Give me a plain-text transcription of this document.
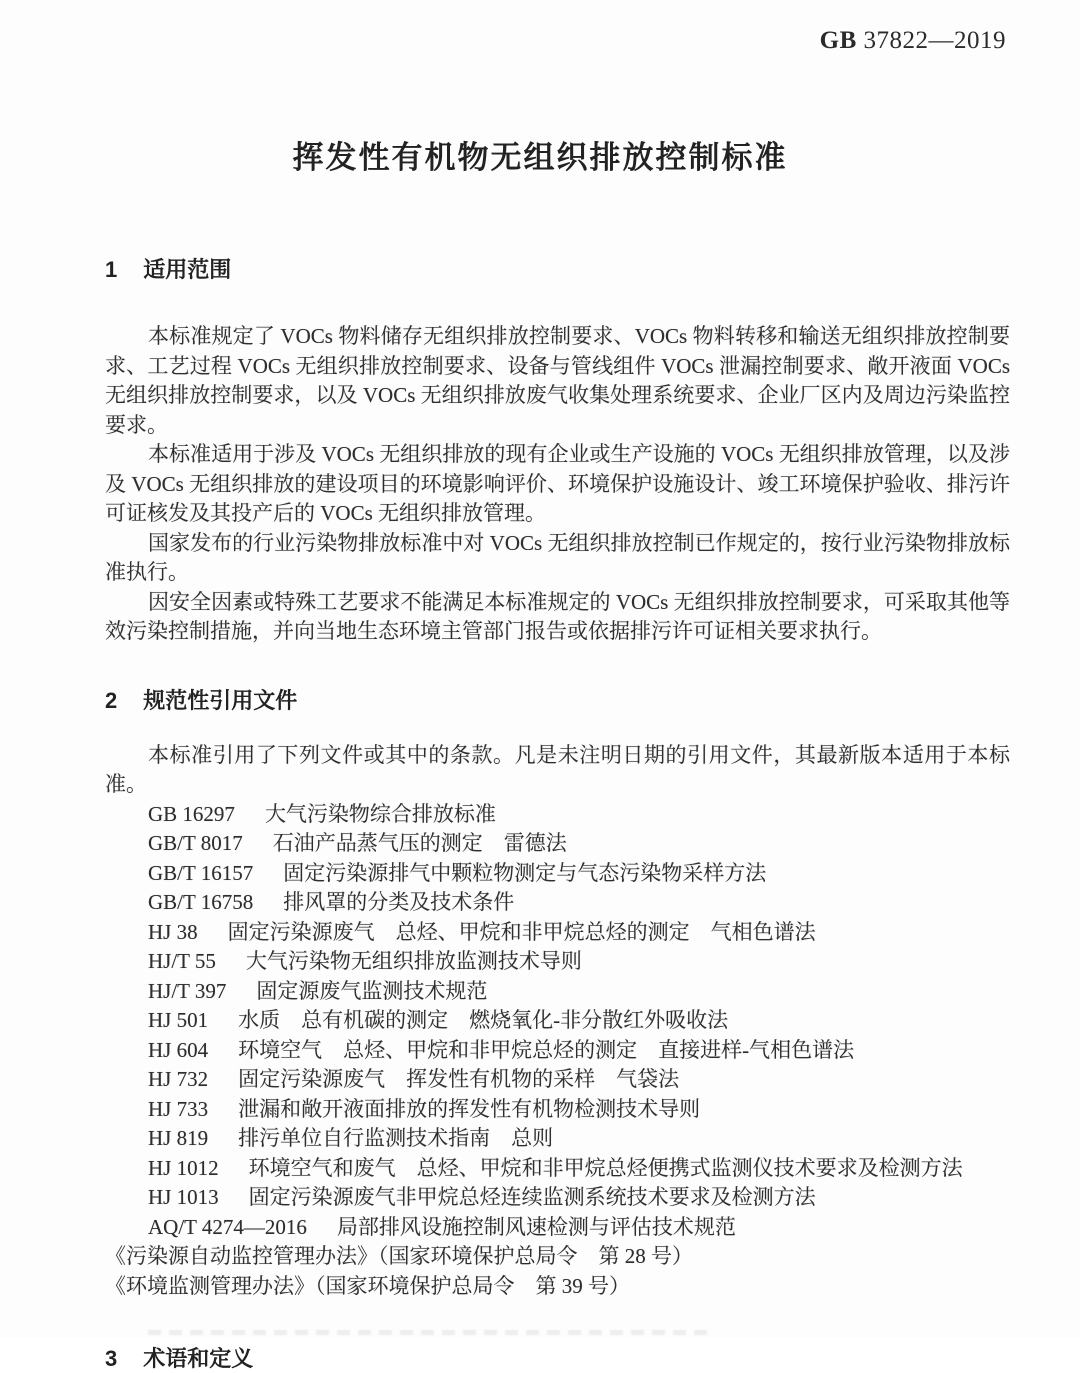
GB 37822—2019
挥发性有机物无组织排放控制标准
1 适用范围

本标准规定了 VOCs 物料储存无组织排放控制要求、VOCs 物料转移和输送无组织排放控制要求、工艺过程 VOCs 无组织排放控制要求、设备与管线组件 VOCs 泄漏控制要求、敞开液面 VOCs 无组织排放控制要求，以及 VOCs 无组织排放废气收集处理系统要求、企业厂区内及周边污染监控要求。

本标准适用于涉及 VOCs 无组织排放的现有企业或生产设施的 VOCs 无组织排放管理，以及涉及 VOCs 无组织排放的建设项目的环境影响评价、环境保护设施设计、竣工环境保护验收、排污许可证核发及其投产后的 VOCs 无组织排放管理。

国家发布的行业污染物排放标准中对 VOCs 无组织排放控制已作规定的，按行业污染物排放标准执行。

因安全因素或特殊工艺要求不能满足本标准规定的 VOCs 无组织排放控制要求，可采取其他等效污染控制措施，并向当地生态环境主管部门报告或依据排污许可证相关要求执行。

2 规范性引用文件

本标准引用了下列文件或其中的条款。凡是未注明日期的引用文件，其最新版本适用于本标准。

GB 16297 大气污染物综合排放标准
GB/T 8017 石油产品蒸气压的测定　雷德法
GB/T 16157 固定污染源排气中颗粒物测定与气态污染物采样方法
GB/T 16758 排风罩的分类及技术条件
HJ 38 固定污染源废气　总烃、甲烷和非甲烷总烃的测定　气相色谱法
HJ/T 55 大气污染物无组织排放监测技术导则
HJ/T 397 固定源废气监测技术规范
HJ 501 水质　总有机碳的测定　燃烧氧化-非分散红外吸收法
HJ 604 环境空气　总烃、甲烷和非甲烷总烃的测定　直接进样-气相色谱法
HJ 732 固定污染源废气　挥发性有机物的采样　气袋法
HJ 733 泄漏和敞开液面排放的挥发性有机物检测技术导则
HJ 819 排污单位自行监测技术指南　总则
HJ 1012 环境空气和废气　总烃、甲烷和非甲烷总烃便携式监测仪技术要求及检测方法
HJ 1013 固定污染源废气非甲烷总烃连续监测系统技术要求及检测方法
AQ/T 4274—2016 局部排风设施控制风速检测与评估技术规范
《污染源自动监控管理办法》（国家环境保护总局令　第 28 号）
《环境监测管理办法》（国家环境保护总局令　第 39 号）
3 术语和定义
